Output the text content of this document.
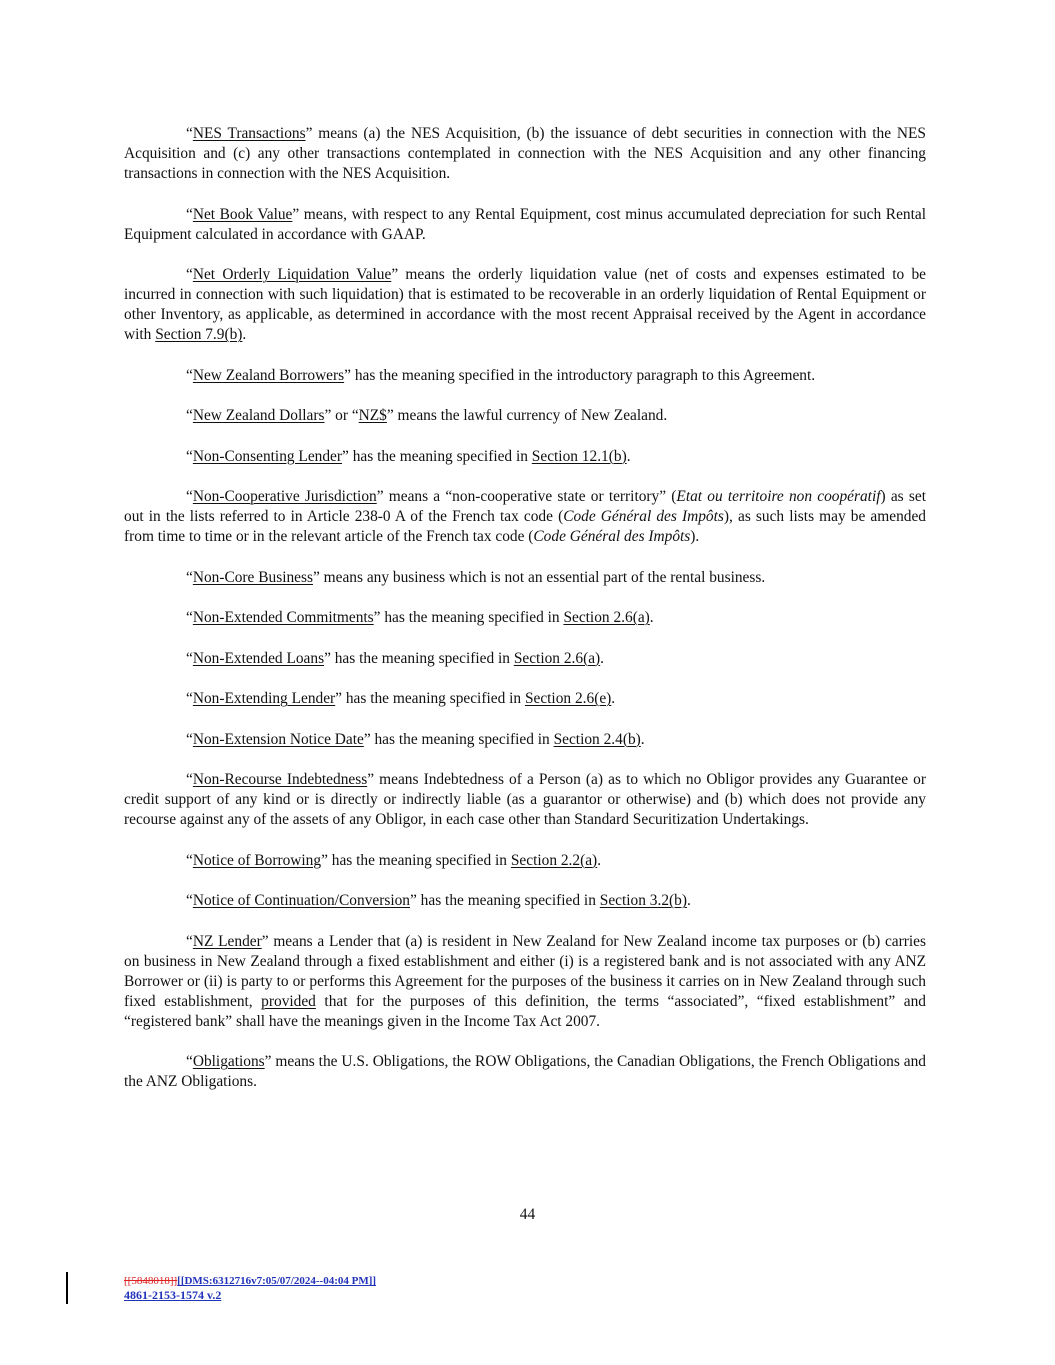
“NES Transactions” means (a) the NES Acquisition, (b) the issuance of debt securities in connection with the NES Acquisition and (c) any other transactions contemplated in connection with the NES Acquisition and any other financing transactions in connection with the NES Acquisition.

“Net Book Value” means, with respect to any Rental Equipment, cost minus accumulated depreciation for such Rental Equipment calculated in accordance with GAAP.

“Net Orderly Liquidation Value” means the orderly liquidation value (net of costs and expenses estimated to be incurred in connection with such liquidation) that is estimated to be recoverable in an orderly liquidation of Rental Equipment or other Inventory, as applicable, as determined in accordance with the most recent Appraisal received by the Agent in accordance with Section 7.9(b).

“New Zealand Borrowers” has the meaning specified in the introductory paragraph to this Agreement.

“New Zealand Dollars” or “NZ$” means the lawful currency of New Zealand.

“Non-Consenting Lender” has the meaning specified in Section 12.1(b).

“Non-Cooperative Jurisdiction” means a “non-cooperative state or territory” (Etat ou territoire non coopératif) as set out in the lists referred to in Article 238-0 A of the French tax code (Code Général des Impôts), as such lists may be amended from time to time or in the relevant article of the French tax code (Code Général des Impôts).

“Non-Core Business” means any business which is not an essential part of the rental business.

“Non-Extended Commitments” has the meaning specified in Section 2.6(a).

“Non-Extended Loans” has the meaning specified in Section 2.6(a).

“Non-Extending Lender” has the meaning specified in Section 2.6(e).

“Non-Extension Notice Date” has the meaning specified in Section 2.4(b).

“Non-Recourse Indebtedness” means Indebtedness of a Person (a) as to which no Obligor provides any Guarantee or credit support of any kind or is directly or indirectly liable (as a guarantor or otherwise) and (b) which does not provide any recourse against any of the assets of any Obligor, in each case other than Standard Securitization Undertakings.

“Notice of Borrowing” has the meaning specified in Section 2.2(a).

“Notice of Continuation/Conversion” has the meaning specified in Section 3.2(b).

“NZ Lender” means a Lender that (a) is resident in New Zealand for New Zealand income tax purposes or (b) carries on business in New Zealand through a fixed establishment and either (i) is a registered bank and is not associated with any ANZ Borrower or (ii) is party to or performs this Agreement for the purposes of the business it carries on in New Zealand through such fixed establishment, provided that for the purposes of this definition, the terms “associated”, “fixed establishment” and “registered bank” shall have the meanings given in the Income Tax Act 2007.

“Obligations” means the U.S. Obligations, the ROW Obligations, the Canadian Obligations, the French Obligations and the ANZ Obligations.

44
[[5848018]][[DMS:6312716v7:05/07/2024--04:04 PM]]
4861-2153-1574 v.2
